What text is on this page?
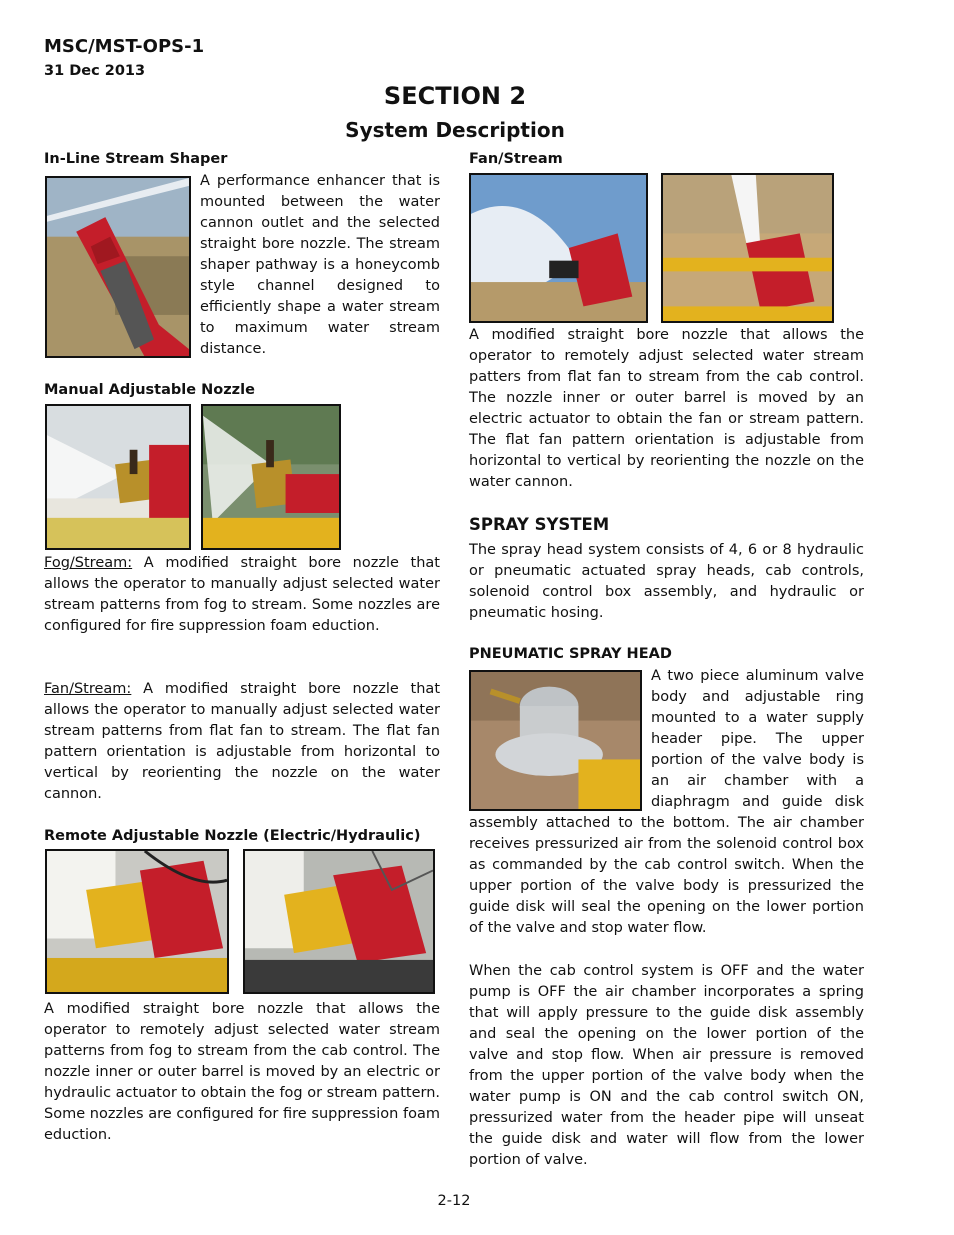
MSC/MST-OPS-1
31 Dec 2013
SECTION 2
System Description
In-Line Stream Shaper
A performance enhancer that is mounted between the water cannon outlet and the selected straight bore nozzle. The stream shaper pathway is a honeycomb style channel designed to efficiently shape a water stream to maximum water stream distance.
Manual Adjustable Nozzle
Fog/Stream: A modified straight bore nozzle that allows the operator to manually adjust selected water stream patterns from fog to stream. Some nozzles are configured for fire suppression foam eduction.
Fan/Stream: A modified straight bore nozzle that allows the operator to manually adjust selected water stream patterns from flat fan to stream. The flat fan pattern orientation is adjustable from horizontal to vertical by reorienting the nozzle on the water cannon.
Remote Adjustable Nozzle (Electric/Hydraulic)
A modified straight bore nozzle that allows the operator to remotely adjust selected water stream patterns from fog to stream from the cab control. The nozzle inner or outer barrel is moved by an electric or hydraulic actuator to obtain the fog or stream pattern. Some nozzles are configured for fire suppression foam eduction.
Fan/Stream
A modified straight bore nozzle that allows the operator to remotely adjust selected water stream patters from flat fan to stream from the cab control. The nozzle inner or outer barrel is moved by an electric actuator to obtain the fan or stream pattern. The flat fan pattern orientation is adjustable from horizontal to vertical by reorienting the nozzle on the water cannon.
SPRAY SYSTEM
The spray head system consists of 4, 6 or 8 hydraulic or pneumatic actuated spray heads, cab controls, solenoid control box assembly, and hydraulic or pneumatic hosing.
PNEUMATIC SPRAY HEAD
A two piece aluminum valve body and adjustable ring mounted to a water supply header pipe. The upper portion of the valve body is an air chamber with a diaphragm and guide disk assembly attached to the bottom. The air chamber receives pressurized air from the solenoid control box as commanded by the cab control switch. When the upper portion of the valve body is pressurized the guide disk will seal the opening on the lower portion of the valve and stop water flow.
When the cab control system is OFF and the water pump is OFF the air chamber incorporates a spring that will apply pressure to the guide disk assembly and seal the opening on the lower portion of the valve and stop flow. When air pressure is removed from the upper portion of the valve body when the water pump is ON and the cab control switch ON, pressurized water from the header pipe will unseat the guide disk and water will flow from the lower portion of valve.
2-12
